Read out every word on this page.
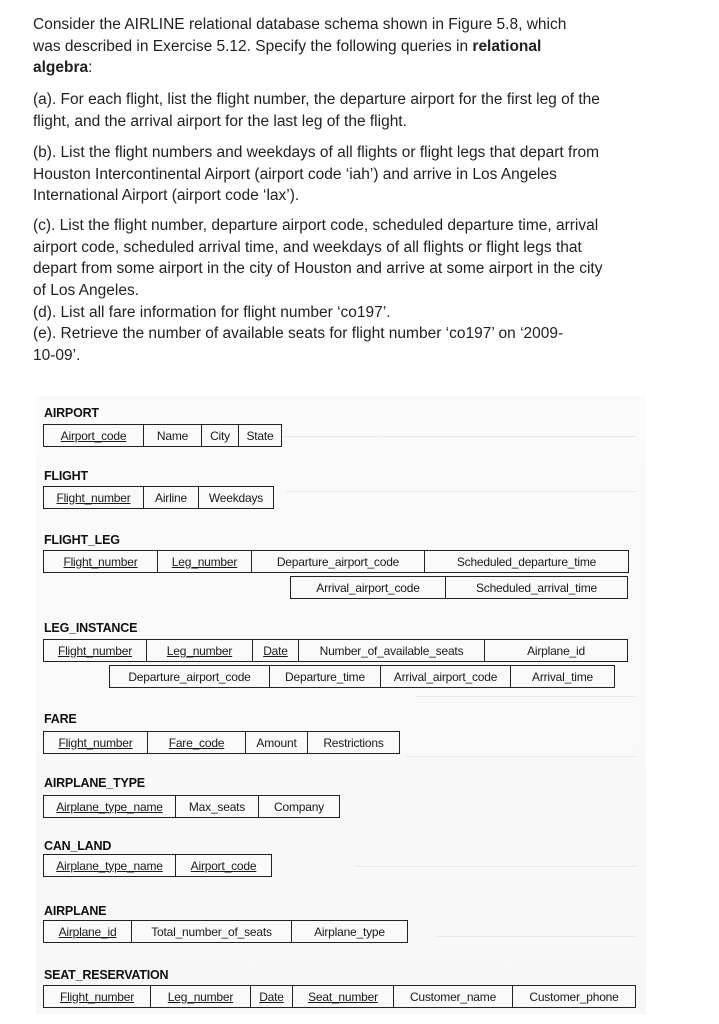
Consider the AIRLINE relational database schema shown in Figure 5.8, which

was described in Exercise 5.12. Specify the following queries in relational

algebra:

(a). For each flight, list the flight number, the departure airport for the first leg of the

flight, and the arrival airport for the last leg of the flight.

(b). List the flight numbers and weekdays of all flights or flight legs that depart from

Houston Intercontinental Airport (airport code ‘iah’) and arrive in Los Angeles

International Airport (airport code ‘lax’).

(c). List the flight number, departure airport code, scheduled departure time, arrival

airport code, scheduled arrival time, and weekdays of all flights or flight legs that

depart from some airport in the city of Houston and arrive at some airport in the city

of Los Angeles.

(d). List all fare information for flight number ‘co197’.

(e). Retrieve the number of available seats for flight number ‘co197’ on ‘2009-

10-09’.

AIRPORT
Airport_code	Name	City	State
FLIGHT
Flight_number	Airline	Weekdays
FLIGHT_LEG
Flight_number	Leg_number	Departure_airport_code	Scheduled_departure_time
Arrival_airport_code	Scheduled_arrival_time
LEG_INSTANCE
Flight_number	Leg_number	Date	Number_of_available_seats	Airplane_id
Departure_airport_code	Departure_time	Arrival_airport_code	Arrival_time
FARE
Flight_number	Fare_code	Amount	Restrictions
AIRPLANE_TYPE
Airplane_type_name	Max_seats	Company
CAN_LAND
Airplane_type_name	Airport_code
AIRPLANE
Airplane_id	Total_number_of_seats	Airplane_type
SEAT_RESERVATION
Flight_number	Leg_number	Date	Seat_number	Customer_name	Customer_phone
